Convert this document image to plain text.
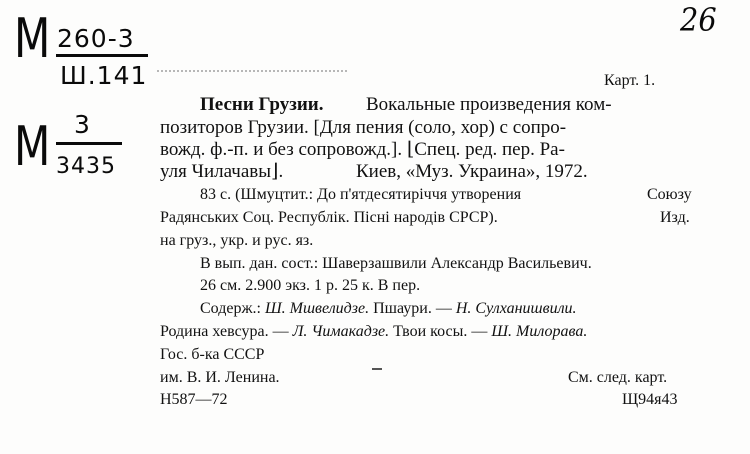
M 260-3
Ш.141
M 3
3435
26
Карт. 1.
Песни Грузии. Вокальные произведения ком-
позиторов Грузии. [Для пения (соло, хор) с сопро-
вожд. ф.-п. и без сопровожд.]. ⌊Спец. ред. пер. Ра-
уля Чилачавы⌋.	Киев, «Муз. Украина», 1972.
83 с. (Шмуцтит.: До п'ятдесятиріччя утворения	Союзу
Радянських Соц. Республік. Пiснi народів СРСР).	Изд.
на груз., укр. и рус. яз.
В вып. дан. сост.: Шаверзашвили Александр Васильевич.
26 см. 2.900 экз. 1 р. 25 к. В пер.
Содерж.: Ш. Мшвелидзе. Пшаури. — Н. Сулханишвили.
Родина хевсура. — Л. Чимакадзе. Твои косы. — Ш. Милорава.
Гос. б-ка СССР
им. В. И. Ленина.	См. след. карт.
Н587—72	Щ94я43
